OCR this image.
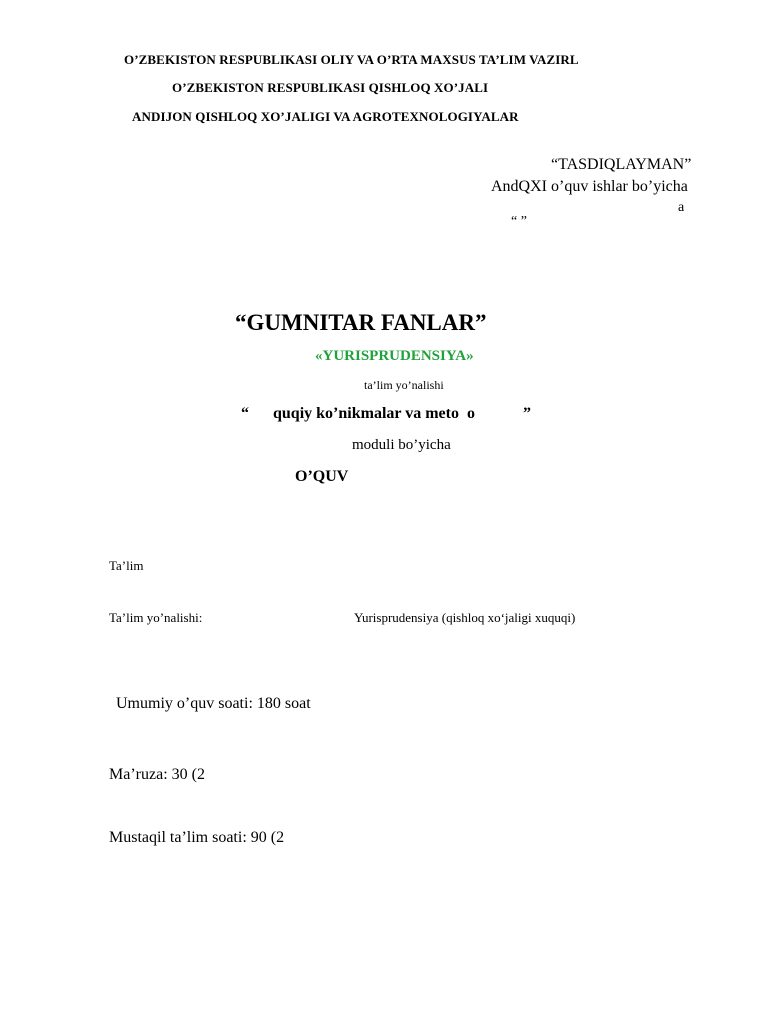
O’ZBEKISTON RESPUBLIKASI OLIY VA O’RTA MAXSUS TA’LIM VAZIRL
O’ZBEKISTON RESPUBLIKASI QISHLOQ XO’JALI
ANDIJON QISHLOQ XO’JALIGI VA AGROTEXNOLOGIYALAR
“TASDIQLAYMAN”
AndQXI o’quv ishlar bo’yicha
a
“ ”
“GUMNITAR FANLAR”
«YURISPRUDENSIYA»
ta’lim yo’nalishi
“      quqiy ko’nikmalar va meto  o            ”
moduli bo’yicha
O’QUV
Ta’lim
Ta’lim yo’nalishi:	Yurisprudensiya (qishloq xo‘jaligi xuquqi)
Umumiy o’quv soati: 180 soat
Ma’ruza: 30 (2
Mustaqil ta’lim soati: 90 (2
